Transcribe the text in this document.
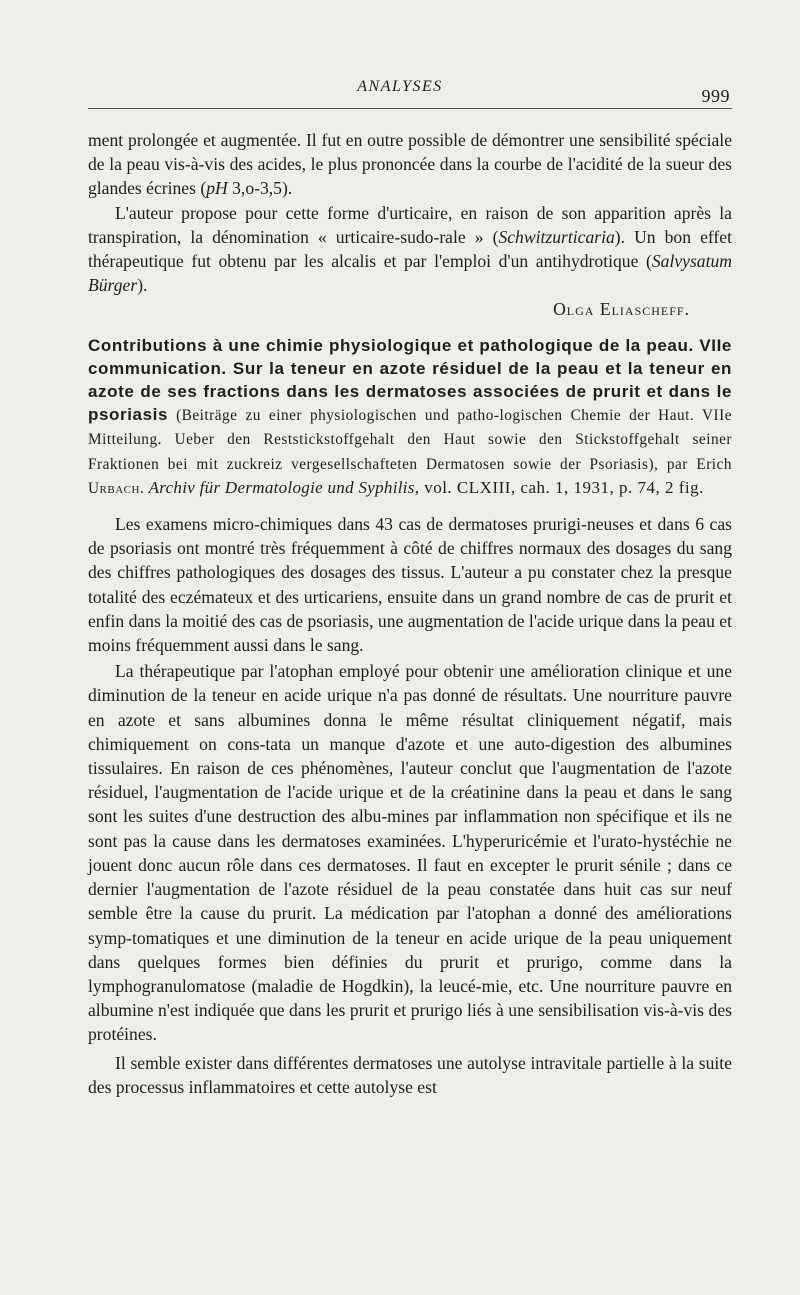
ANALYSES	999

ment prolongée et augmentée. Il fut en outre possible de démontrer une sensibilité spéciale de la peau vis-à-vis des acides, le plus prononcée dans la courbe de l'acidité de la sueur des glandes écrines (pH 3,o-3,5).

L'auteur propose pour cette forme d'urticaire, en raison de son apparition après la transpiration, la dénomination « urticaire-sudo-rale » (Schwitzurticaria). Un bon effet thérapeutique fut obtenu par les alcalis et par l'emploi d'un antihydrotique (Salvysatum Bürger).

Olga Eliascheff.

Contributions à une chimie physiologique et pathologique de la peau. VIIe communication. Sur la teneur en azote résiduel de la peau et la teneur en azote de ses fractions dans les dermatoses associées de prurit et dans le psoriasis (Beiträge zu einer physiologischen und patho-logischen Chemie der Haut. VIIe Mitteilung. Ueber den Reststickstoffgehalt den Haut sowie den Stickstoffgehalt seiner Fraktionen bei mit zuckreiz vergesellschafteten Dermatosen sowie der Psoriasis), par Erich Urbach. Archiv für Dermatologie und Syphilis, vol. CLXIII, cah. 1, 1931, p. 74, 2 fig.

Les examens micro-chimiques dans 43 cas de dermatoses prurigi-neuses et dans 6 cas de psoriasis ont montré très fréquemment à côté de chiffres normaux des dosages du sang des chiffres pathologiques des dosages des tissus. L'auteur a pu constater chez la presque totalité des eczémateux et des urticariens, ensuite dans un grand nombre de cas de prurit et enfin dans la moitié des cas de psoriasis, une augmentation de l'acide urique dans la peau et moins fréquemment aussi dans le sang.

La thérapeutique par l'atophan employé pour obtenir une amélioration clinique et une diminution de la teneur en acide urique n'a pas donné de résultats. Une nourriture pauvre en azote et sans albumines donna le même résultat cliniquement négatif, mais chimiquement on cons-tata un manque d'azote et une auto-digestion des albumines tissulaires. En raison de ces phénomènes, l'auteur conclut que l'augmentation de l'azote résiduel, l'augmentation de l'acide urique et de la créatinine dans la peau et dans le sang sont les suites d'une destruction des albu-mines par inflammation non spécifique et ils ne sont pas la cause dans les dermatoses examinées. L'hyperuricémie et l'urato-hystéchie ne jouent donc aucun rôle dans ces dermatoses. Il faut en excepter le prurit sénile ; dans ce dernier l'augmentation de l'azote résiduel de la peau constatée dans huit cas sur neuf semble être la cause du prurit. La médication par l'atophan a donné des améliorations symp-tomatiques et une diminution de la teneur en acide urique de la peau uniquement dans quelques formes bien définies du prurit et prurigo, comme dans la lymphogranulomatose (maladie de Hogdkin), la leucé-mie, etc. Une nourriture pauvre en albumine n'est indiquée que dans les prurit et prurigo liés à une sensibilisation vis-à-vis des protéines.

Il semble exister dans différentes dermatoses une autolyse intravitale partielle à la suite des processus inflammatoires et cette autolyse est
